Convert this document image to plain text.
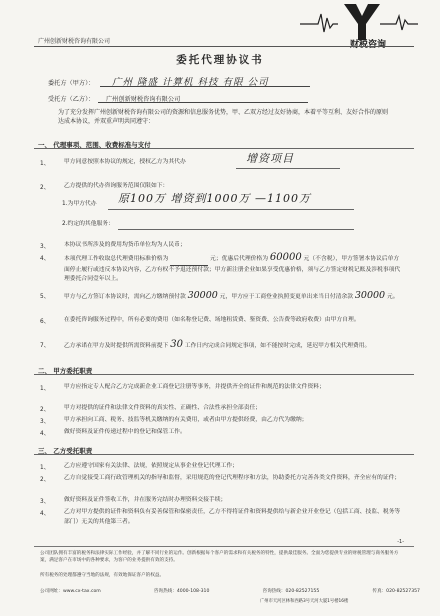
财税咨询
广州创新财税咨询有限公司
委托代理协议书
委托方（甲方）： 广州 隆盛 计算机 科技 有限 公司
受托方（乙方）： 广州创新财税咨询有限公司
为了充分发挥广州创新财税咨询有限公司的资源和信息服务优势，甲、乙双方经过友好协商，本着平等互利、友好合作的原则达成本协议，并双重声明共同遵守：
一、 代理事项、范围、收费标准与支付
1、	甲方同意按照本协议的规定，授权乙方为其代办	增资项目
2、	乙方提供的代办咨询服务范围仅限如下：
1.为甲方代办 原100万 增资到1000万 —1100万
2.约定的其他服务：
3、	本协议书所涉及的费用均货币单位均为人民币；
4、	本项代理工作收取总代理费用标准价格为	元；优惠后代理价格为 60000 元（不含税），甲方签署本协议后单方面停止履行或违反本协议内容，乙方有权不予退还预付款；甲方新注册企业如果享受优惠价格，须与乙方签定财税记账及涉税事项代理委托合同壹年以上。
5、	甲方与乙方签订本协议时，需向乙方缴纳预付款 30000 元，甲方应于工商登业执照变更单出来当日付清余款 30000 元。
6、	在委托咨询服务过程中，所有必要的费用（如名称登记费、场地租赁费、鉴资费、公告费等政府收费）由甲方自理。
7、	乙方承诺在甲方及时提供所需资料前提下 30 工作日内完成合同规定事项，如不能按时完成，延迟甲方相关代理费用。
二、 甲方委托职责
1、	甲方应指定专人配合乙方完成新企业工商登记注册等事务，并提供齐全的证件和规范的法律文件资料；
2、	甲方对提供的证件和法律文件资料的真实性、正确性、合法性承担全部责任；
3、	甲方承担向工商、税务、技监等机关缴纳的有关费用，或者由甲方提供经费，由乙方代为缴纳；
4、	做好资料及证件传递过程中的登记和保管工作。
三、 乙方受托职责
1、	乙方应遵守国家有关法律、法规，依照规定从事企业登记代理工作；
2、	乙方自觉接受工商行政管理机关的指导和监督，采用规范的登记代理程序和方法，协助委托方完善各类文件资料，齐全应有的证件；
3、	做好资料及证件签收工作，并在服务完结时办理资料交接手续；
4、	乙方对甲方提供的证件和资料负有妥善保管和保密责任，乙方不得将证件和资料提供给与新企业开业登记（包括工商、技监、税务等部门）无关的其他第三者。
-1-
公司团队拥有丰富的税务和法律实际工作经验，并了解不同行业的运作。创新根据每个客户的需求和有关税务的特性，提供最佳服务。全面为您提供专业的财税管理与商务服务方案，满足客户在市场中的各种要求，为客户的业务提供有效的支持。
所有税务的处理都遵守当地的法规，有效地保证客户的权益。
公司网址：www.cx-tax.com	咨询热线：4000-108-310	咨询热线：020-82527155	传真：020-82527357
广州市天河区林和西路3号天河大厦1号楼16楼
